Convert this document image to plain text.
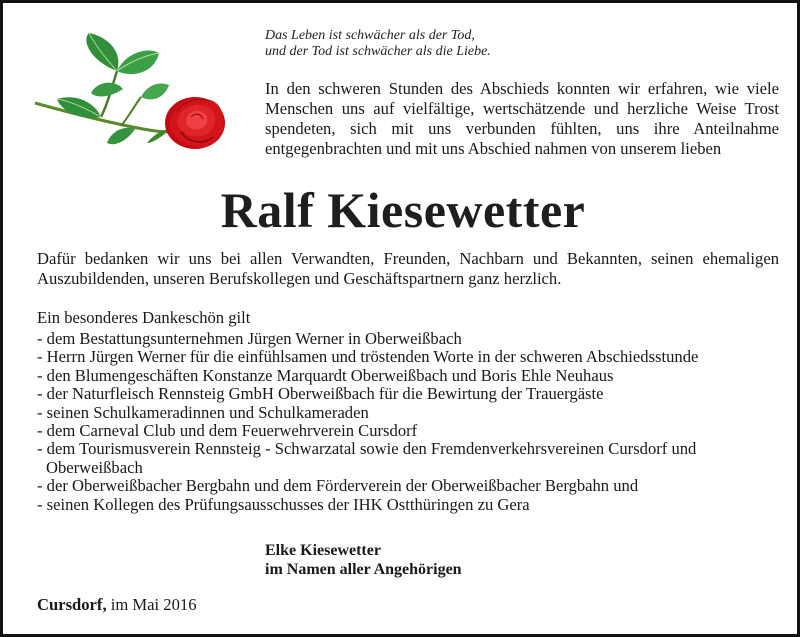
Das Leben ist schwächer als der Tod,
und der Tod ist schwächer als die Liebe.
In den schweren Stunden des Abschieds konnten wir erfahren, wie viele Menschen uns auf vielfältige, wertschätzende und herzliche Weise Trost spendeten, sich mit uns verbunden fühlten, uns ihre Anteilnahme entgegenbrachten und mit uns Abschied nahmen von unserem lieben
Ralf Kiesewetter
Dafür bedanken wir uns bei allen Verwandten, Freunden, Nachbarn und Bekannten, seinen ehemaligen Auszubildenden, unseren Berufskollegen und Geschäftspartnern ganz herzlich.
Ein besonderes Dankeschön gilt
- dem Bestattungsunternehmen Jürgen Werner in Oberweißbach
- Herrn Jürgen Werner für die einfühlsamen und tröstenden Worte in der schweren Abschiedsstunde
- den Blumengeschäften Konstanze Marquardt Oberweißbach und Boris Ehle Neuhaus
- der Naturfleisch Rennsteig GmbH Oberweißbach für die Bewirtung der Trauergäste
- seinen Schulkameradinnen und Schulkameraden
- dem Carneval Club und dem Feuerwehrverein Cursdorf
- dem Tourismusverein Rennsteig - Schwarzatal sowie den Fremdenverkehrsvereinen Cursdorf und Oberweißbach
- der Oberweißbacher Bergbahn und dem Förderverein der Oberweißbacher Bergbahn und
- seinen Kollegen des Prüfungsausschusses der IHK Ostthüringen zu Gera
Elke Kiesewetter
im Namen aller Angehörigen
Cursdorf, im Mai 2016
